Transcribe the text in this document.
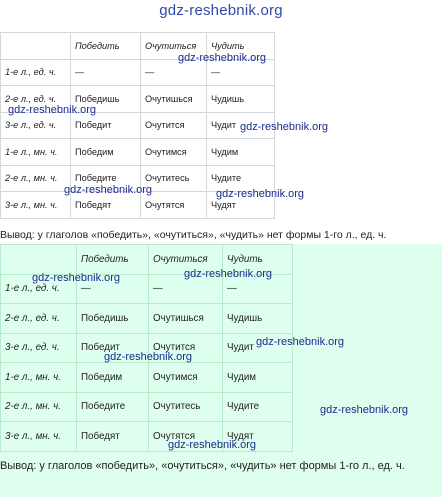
gdz-reshebnik.org
	Победить	Очутиться	Чудить
1-е л., ед. ч.	—	—	—
2-е л., ед. ч.	Победишь	Очутишься	Чудишь
3-е л., ед. ч.	Победит	Очутится	Чудит
1-е л., мн. ч.	Победим	Очутимся	Чудим
2-е л., мн. ч.	Победите	Очутитесь	Чудите
3-е л., мн. ч.	Победят	Очутятся	Чудят
Вывод: у глаголов «победить», «очутиться», «чудить» нет формы 1-го л., ед. ч.
	Победить	Очутиться	Чудить
1-е л., ед. ч.	—	—	—
2-е л., ед. ч.	Победишь	Очутишься	Чудишь
3-е л., ед. ч.	Победит	Очутится	Чудит
1-е л., мн. ч.	Победим	Очутимся	Чудим
2-е л., мн. ч.	Победите	Очутитесь	Чудите
3-е л., мн. ч.	Победят	Очутятся	Чудят
Вывод: у глаголов «победить», «очутиться», «чудить» нет формы 1-го л., ед. ч.
gdz-reshebnik.org
gdz-reshebnik.org
gdz-reshebnik.org
gdz-reshebnik.org	gdz-reshebnik.org
gdz-reshebnik.org	gdz-reshebnik.org
gdz-reshebnik.org
gdz-reshebnik.org
gdz-reshebnik.org
gdz-reshebnik.org
